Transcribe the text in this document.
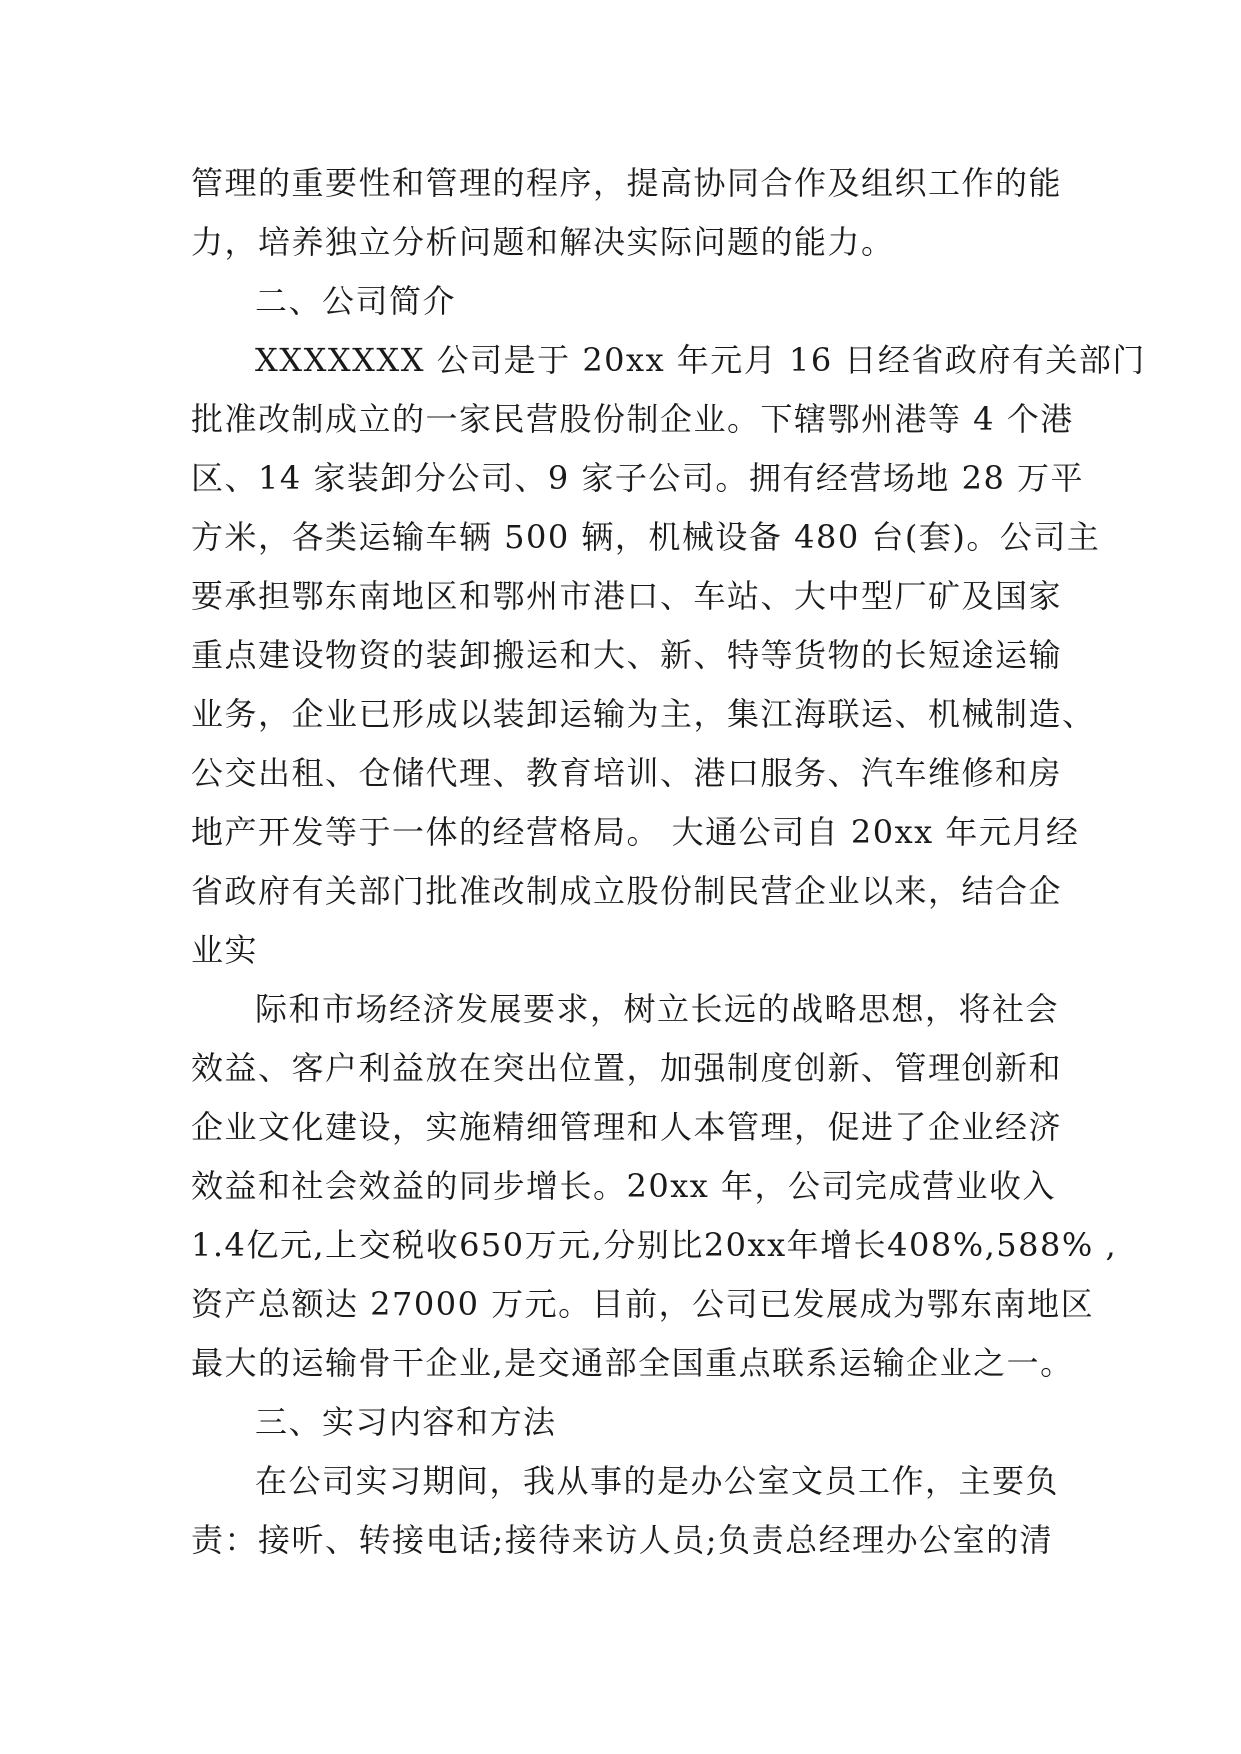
管理的重要性和管理的程序，提高协同合作及组织工作的能
力，培养独立分析问题和解决实际问题的能力。
二、公司简介
XXXXXXX 公司是于 20xx 年元月 16 日经省政府有关部门
批准改制成立的一家民营股份制企业。下辖鄂州港等 4 个港
区、14 家装卸分公司、9 家子公司。拥有经营场地 28 万平
方米，各类运输车辆 500 辆，机械设备 480 台(套)。公司主
要承担鄂东南地区和鄂州市港口、车站、大中型厂矿及国家
重点建设物资的装卸搬运和大、新、特等货物的长短途运输
业务，企业已形成以装卸运输为主，集江海联运、机械制造、
公交出租、仓储代理、教育培训、港口服务、汽车维修和房
地产开发等于一体的经营格局。 大通公司自 20xx 年元月经
省政府有关部门批准改制成立股份制民营企业以来，结合企
业实
际和市场经济发展要求，树立长远的战略思想，将社会
效益、客户利益放在突出位置，加强制度创新、管理创新和
企业文化建设，实施精细管理和人本管理，促进了企业经济
效益和社会效益的同步增长。20xx 年，公司完成营业收入
1.4亿元,上交税收650万元,分别比20xx年增长408%,588% ,
资产总额达 27000 万元。目前，公司已发展成为鄂东南地区
最大的运输骨干企业,是交通部全国重点联系运输企业之一。
三、实习内容和方法
在公司实习期间，我从事的是办公室文员工作，主要负
责：接听、转接电话;接待来访人员;负责总经理办公室的清
